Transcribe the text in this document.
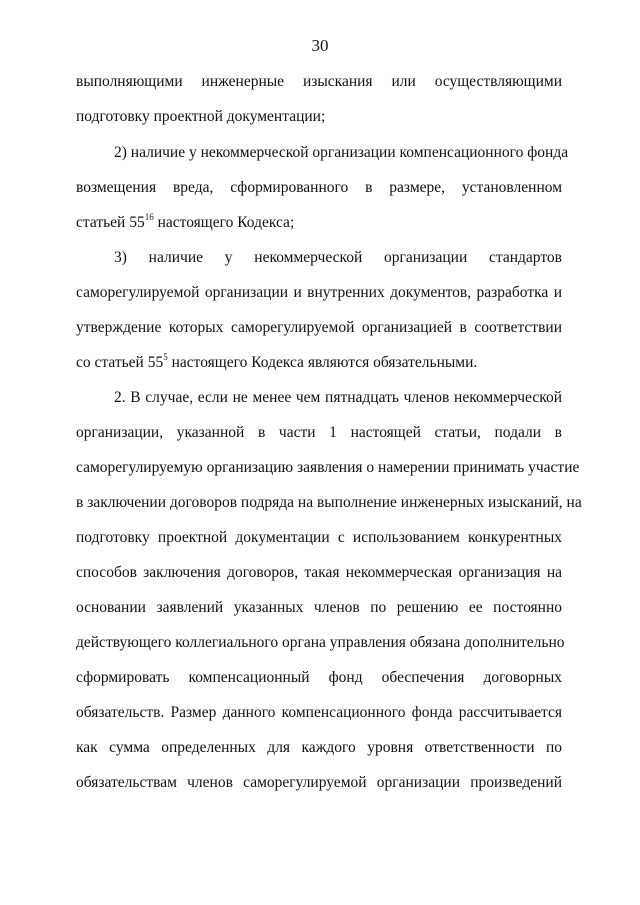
30
выполняющими инженерные изыскания или осуществляющими
подготовку проектной документации;
2) наличие у некоммерческой организации компенсационного фонда
возмещения вреда, сформированного в размере, установленном
статьей $55^{16}$ настоящего Кодекса;
3) наличие у некоммерческой организации стандартов
саморегулируемой организации и внутренних документов, разработка и
утверждение которых саморегулируемой организацией в соответствии
со статьей $55^5$ настоящего Кодекса являются обязательными.
2. В случае, если не менее чем пятнадцать членов некоммерческой
организации, указанной в части 1 настоящей статьи, подали в
саморегулируемую организацию заявления о намерении принимать участие
в заключении договоров подряда на выполнение инженерных изысканий, на
подготовку проектной документации с использованием конкурентных
способов заключения договоров, такая некоммерческая организация на
основании заявлений указанных членов по решению ее постоянно
действующего коллегиального органа управления обязана дополнительно
сформировать компенсационный фонд обеспечения договорных
обязательств. Размер данного компенсационного фонда рассчитывается
как сумма определенных для каждого уровня ответственности по
обязательствам членов саморегулируемой организации произведений
